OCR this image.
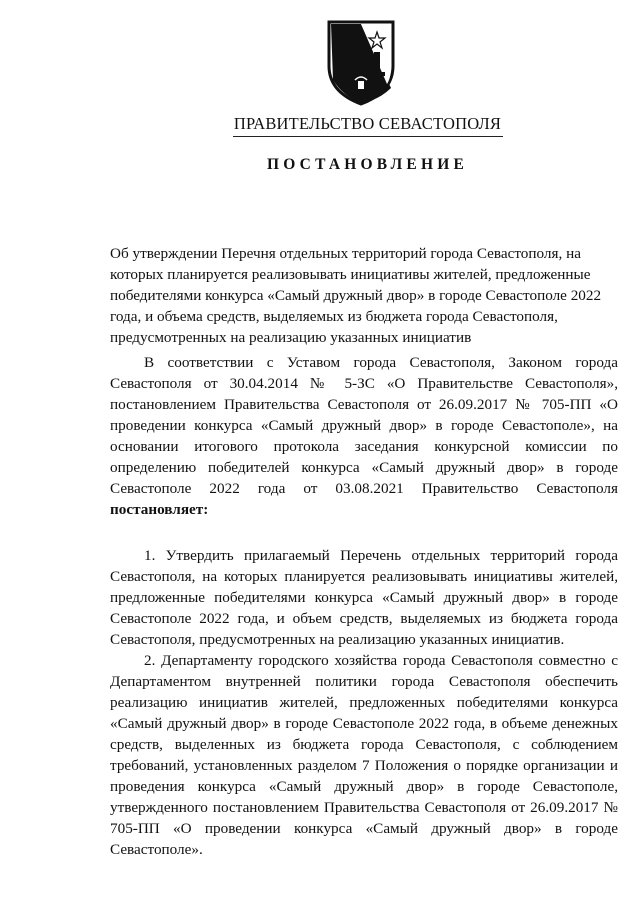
ПРАВИТЕЛЬСТВО СЕВАСТОПОЛЯ
ПОСТАНОВЛЕНИЕ

Об утверждении Перечня отдельных территорий города Севастополя, на которых планируется реализовывать инициативы жителей, предложенные победителями конкурса «Самый дружный двор» в городе Севастополе 2022 года, и объема средств, выделяемых из бюджета города Севастополя, предусмотренных на реализацию указанных инициатив

В соответствии с Уставом города Севастополя, Законом города Севастополя от 30.04.2014 № 5-ЗС «О Правительстве Севастополя», постановлением Правительства Севастополя от 26.09.2017 № 705-ПП «О проведении конкурса «Самый дружный двор» в городе Севастополе», на основании итогового протокола заседания конкурсной комиссии по определению победителей конкурса «Самый дружный двор» в городе Севастополе 2022 года от 03.08.2021 Правительство Севастополя постановляет:

1. Утвердить прилагаемый Перечень отдельных территорий города Севастополя, на которых планируется реализовывать инициативы жителей, предложенные победителями конкурса «Самый дружный двор» в городе Севастополе 2022 года, и объем средств, выделяемых из бюджета города Севастополя, предусмотренных на реализацию указанных инициатив.

2. Департаменту городского хозяйства города Севастополя совместно с Департаментом внутренней политики города Севастополя обеспечить реализацию инициатив жителей, предложенных победителями конкурса «Самый дружный двор» в городе Севастополе 2022 года, в объеме денежных средств, выделенных из бюджета города Севастополя, с соблюдением требований, установленных разделом 7 Положения о порядке организации и проведения конкурса «Самый дружный двор» в городе Севастополе, утвержденного постановлением Правительства Севастополя от 26.09.2017 № 705-ПП «О проведении конкурса «Самый дружный двор» в городе Севастополе».
